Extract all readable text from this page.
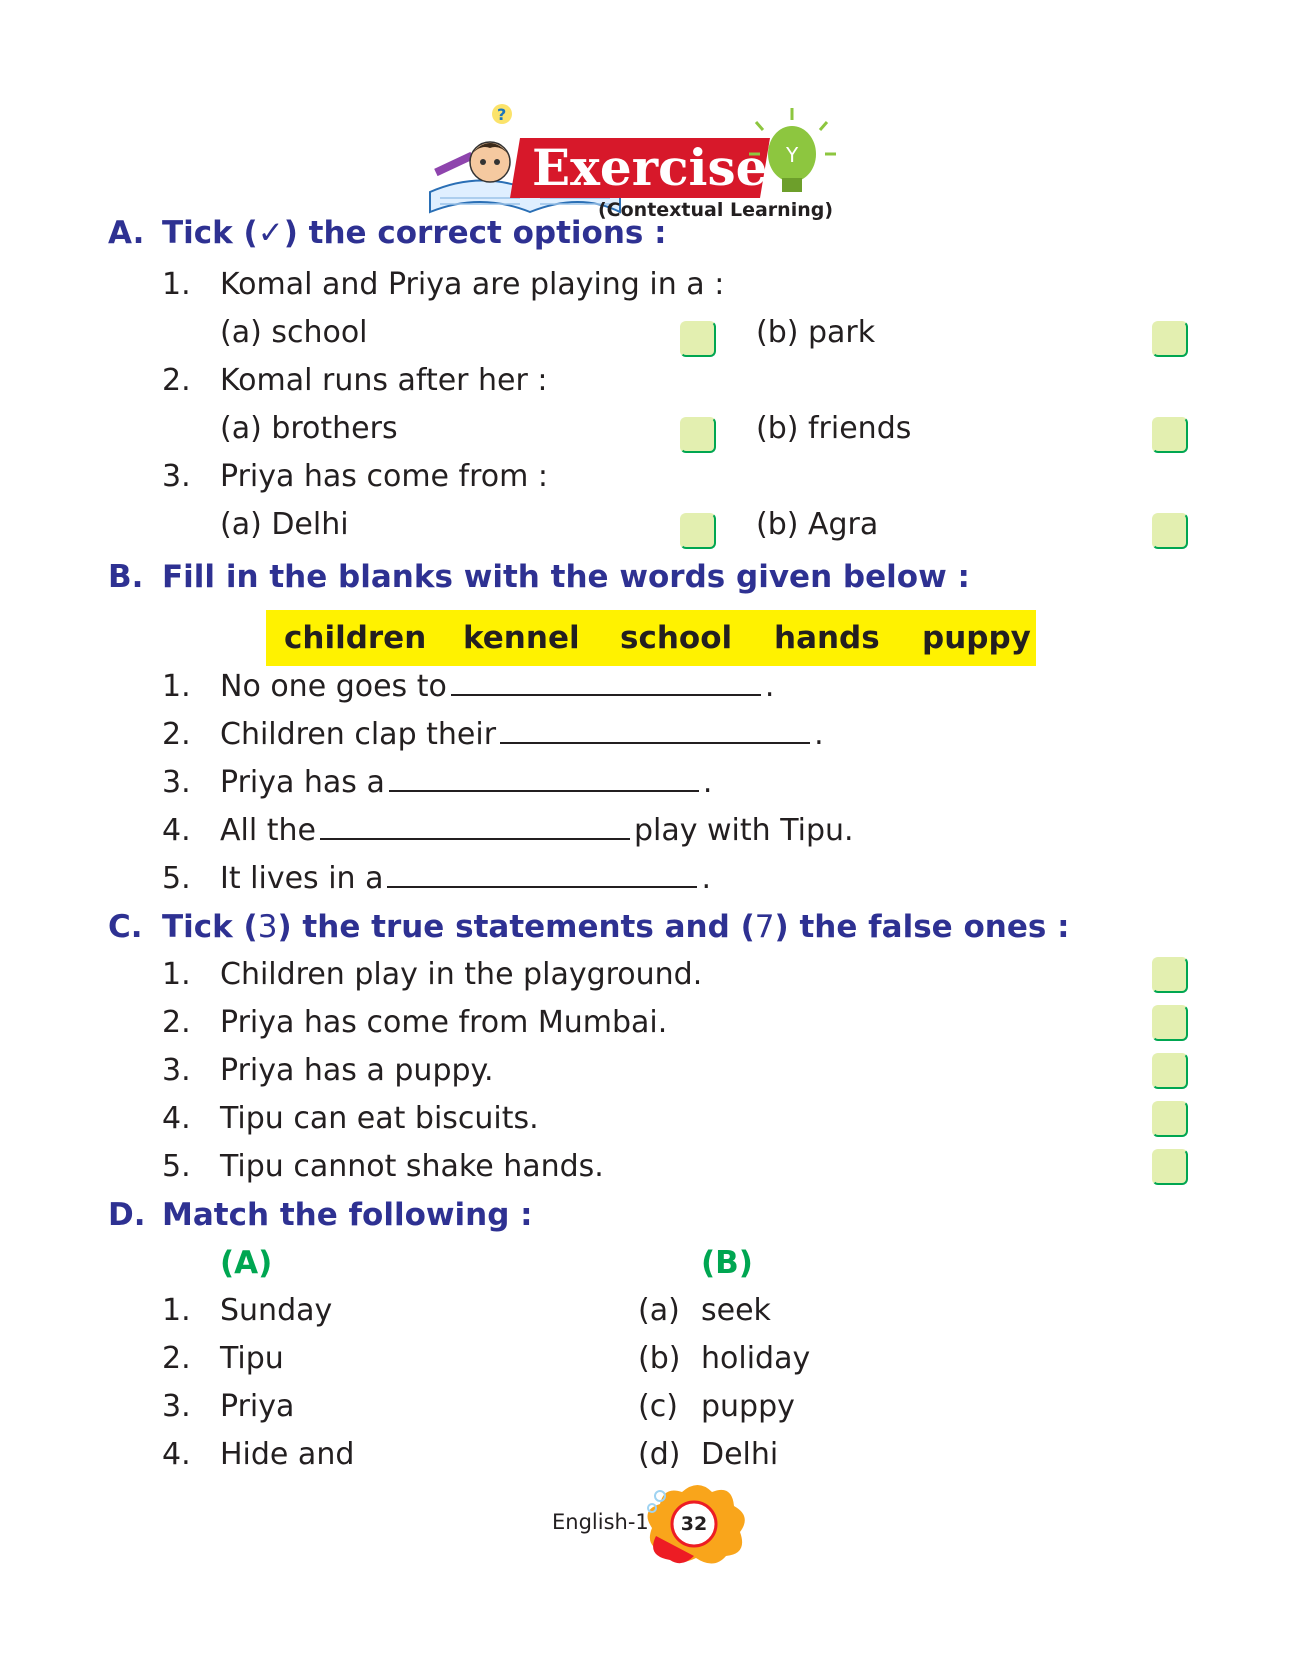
?
Y
Exercise
(Contextual Learning)
A. Tick (✓) the correct options :
1. Komal and Priya are playing in a :
(a) school	(b) park
2. Komal runs after her :
(a) brothers	(b) friends
3. Priya has come from :
(a) Delhi	(b) Agra
B. Fill in the blanks with the words given below :
children kennel school hands puppy
1. No one goes to	.
2. Children clap their	.
3. Priya has a	.
4. All the	play with Tipu.
5. It lives in a	.
C. Tick (3) the true statements and (7) the false ones :
1. Children play in the playground.
2. Priya has come from Mumbai.
3. Priya has a puppy.
4. Tipu can eat biscuits.
5. Tipu cannot shake hands.
D. Match the following :
(A)	(B)
1. Sunday	(a) seek
2. Tipu	(b) holiday
3. Priya	(c) puppy
4. Hide and	(d) Delhi
English-1	32
